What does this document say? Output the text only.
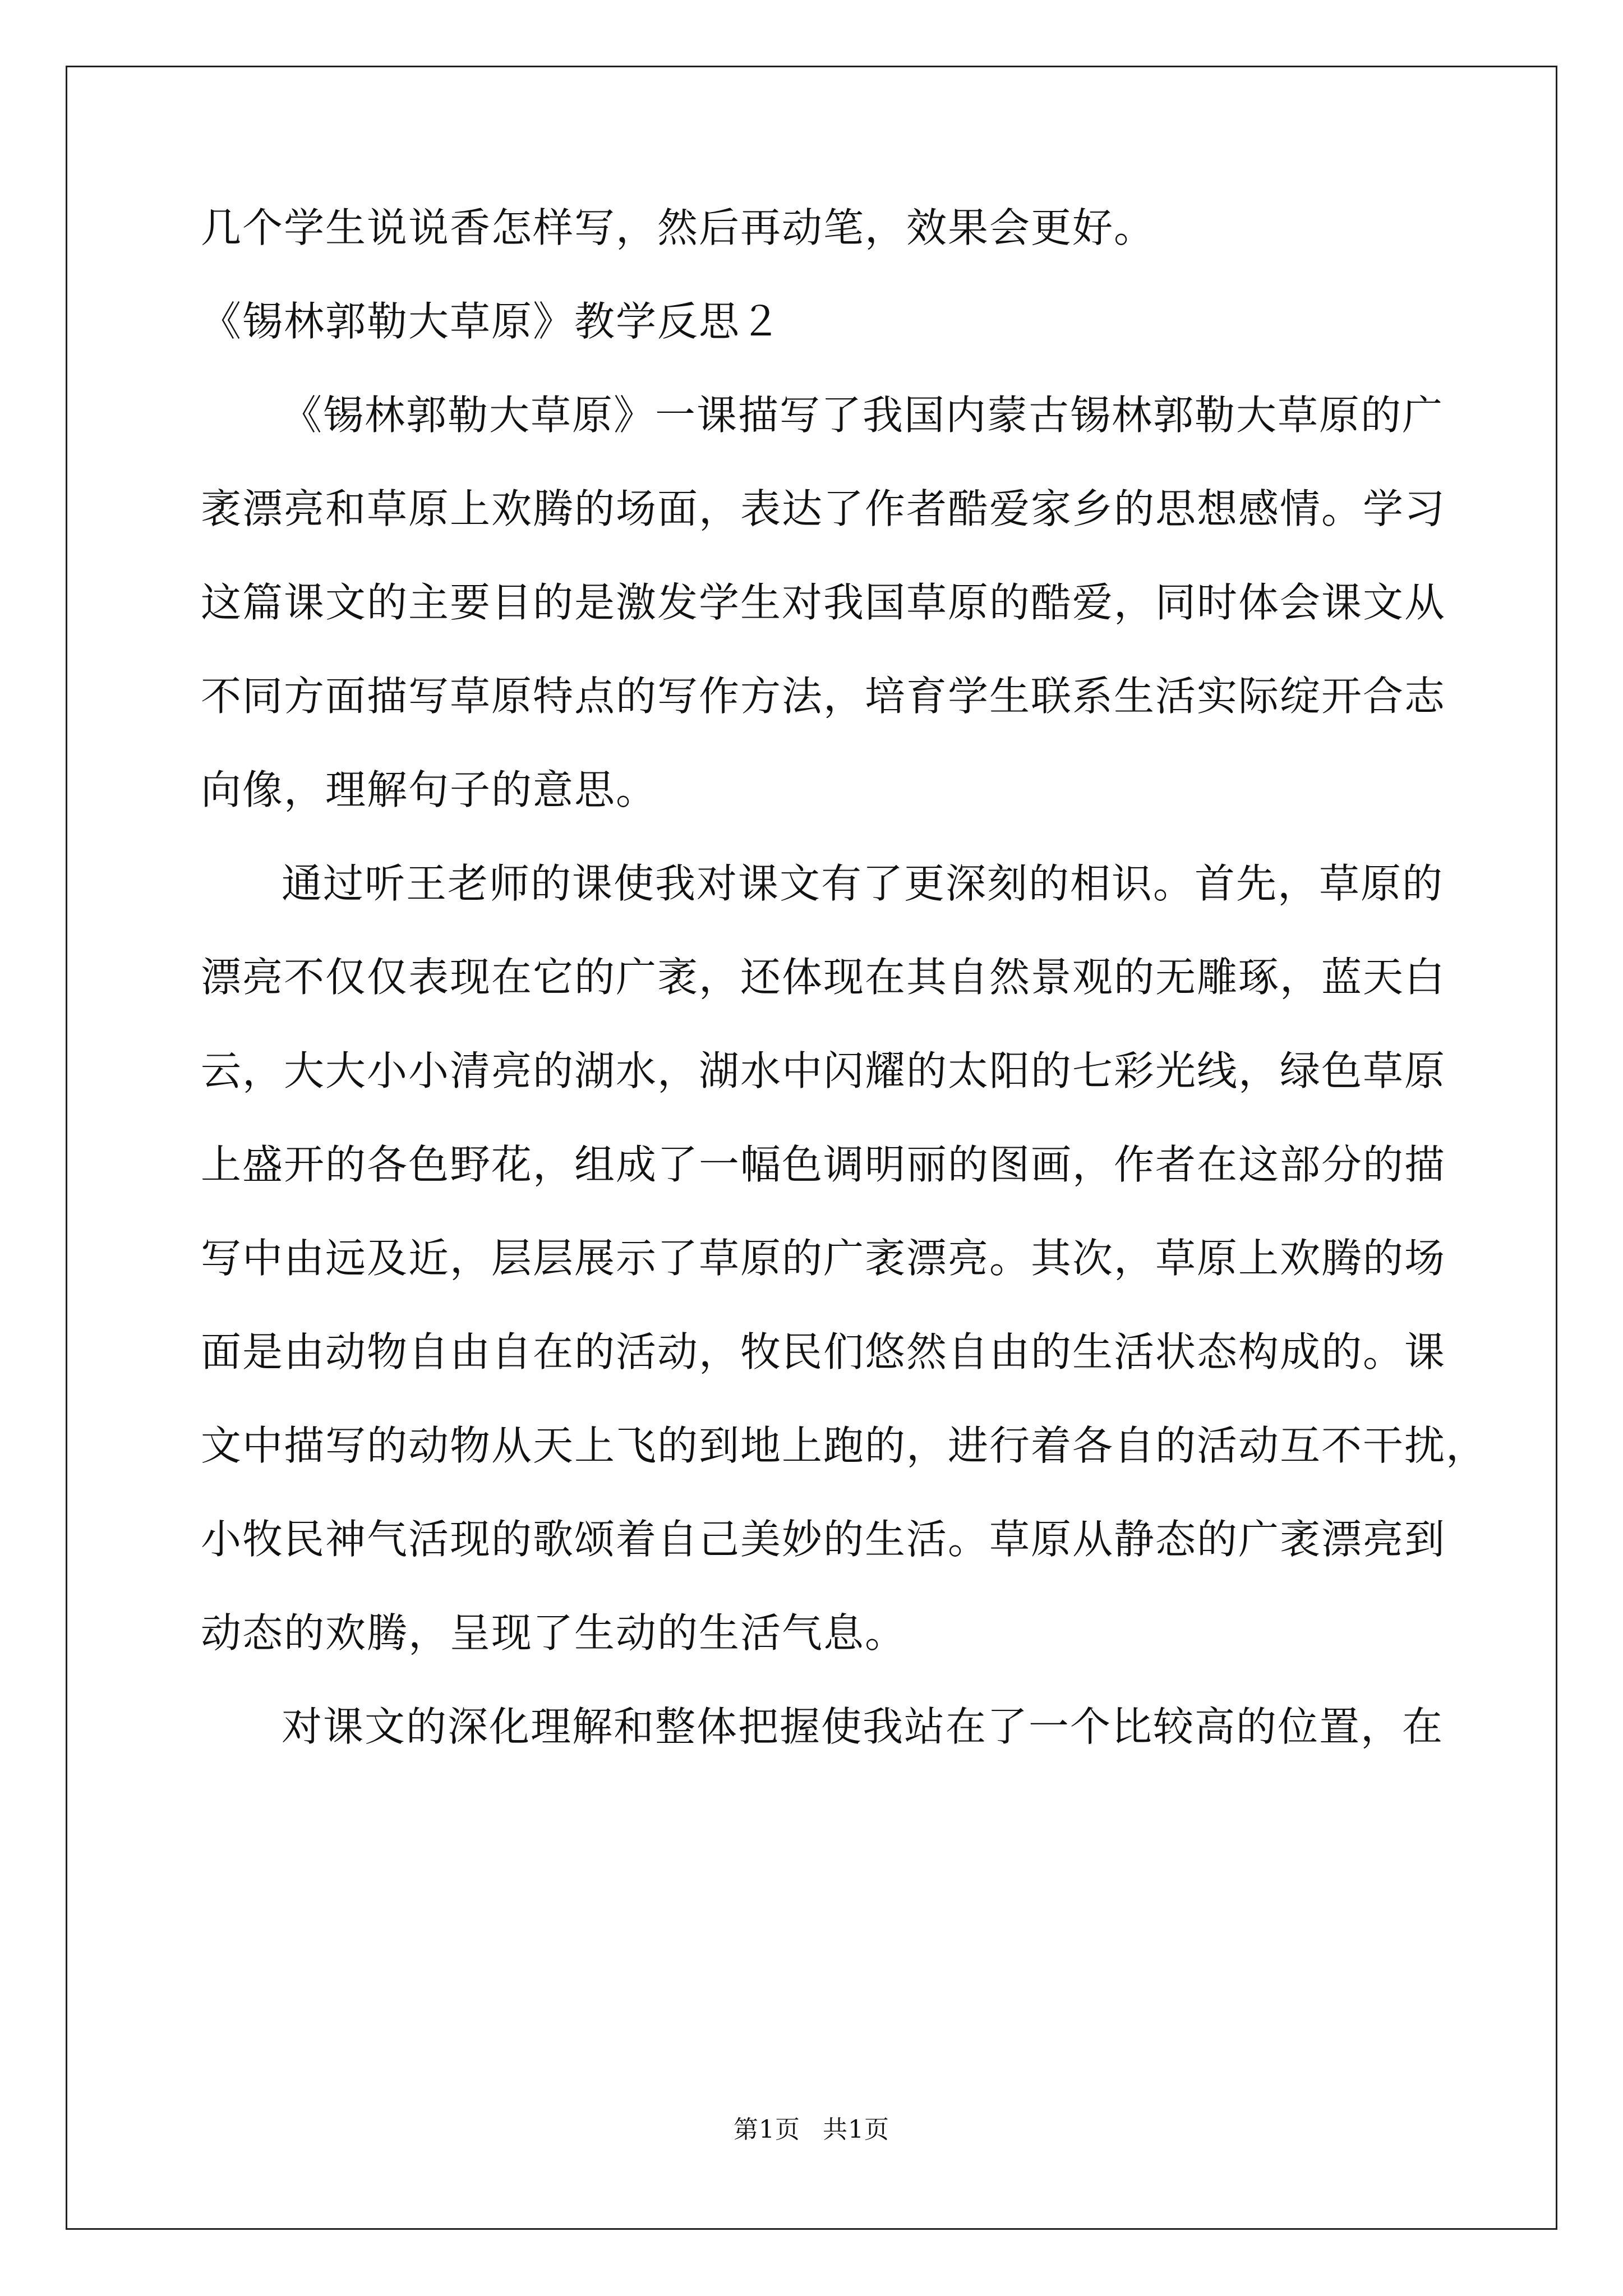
几个学生说说香怎样写，然后再动笔，效果会更好。

《锡林郭勒大草原》教学反思２

《锡林郭勒大草原》一课描写了我国内蒙古锡林郭勒大草原的广

袤漂亮和草原上欢腾的场面，表达了作者酷爱家乡的思想感情。学习

这篇课文的主要目的是激发学生对我国草原的酷爱，同时体会课文从

不同方面描写草原特点的写作方法，培育学生联系生活实际绽开合志

向像，理解句子的意思。

通过听王老师的课使我对课文有了更深刻的相识。首先，草原的

漂亮不仅仅表现在它的广袤，还体现在其自然景观的无雕琢，蓝天白

云，大大小小清亮的湖水，湖水中闪耀的太阳的七彩光线，绿色草原

上盛开的各色野花，组成了一幅色调明丽的图画，作者在这部分的描

写中由远及近，层层展示了草原的广袤漂亮。其次，草原上欢腾的场

面是由动物自由自在的活动，牧民们悠然自由的生活状态构成的。课

文中描写的动物从天上飞的到地上跑的，进行着各自的活动互不干扰，

小牧民神气活现的歌颂着自己美妙的生活。草原从静态的广袤漂亮到

动态的欢腾，呈现了生动的生活气息。

对课文的深化理解和整体把握使我站在了一个比较高的位置，在

第1页 共1页
